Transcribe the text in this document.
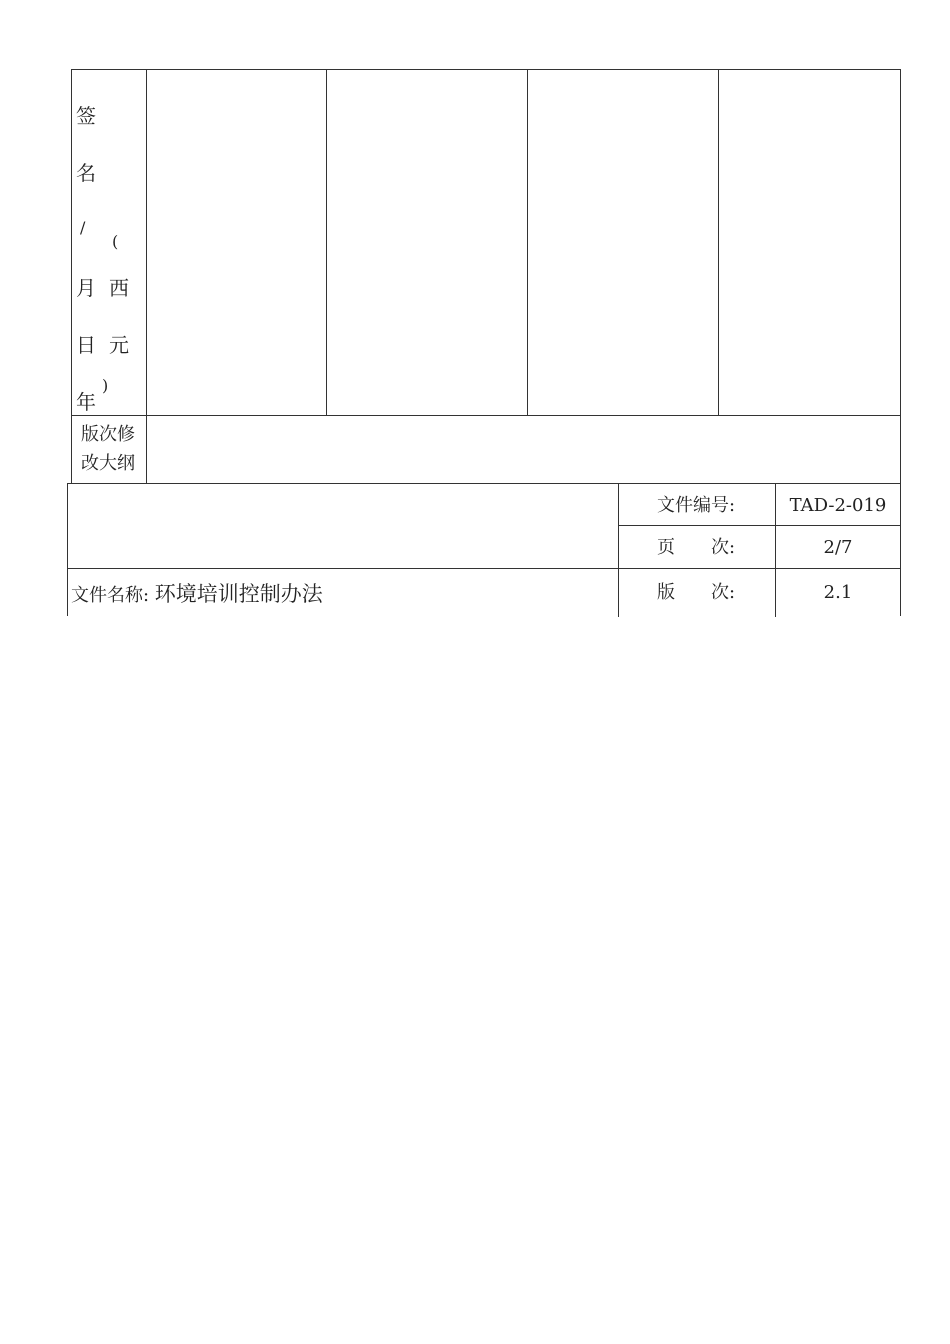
签
名
/
(
月 西
日 元
)
年
版次修
改大纲
文件编号:	TAD-2-019
页　　次:	2/7
文件名称: 环境培训控制办法	版　　次:	2.1
